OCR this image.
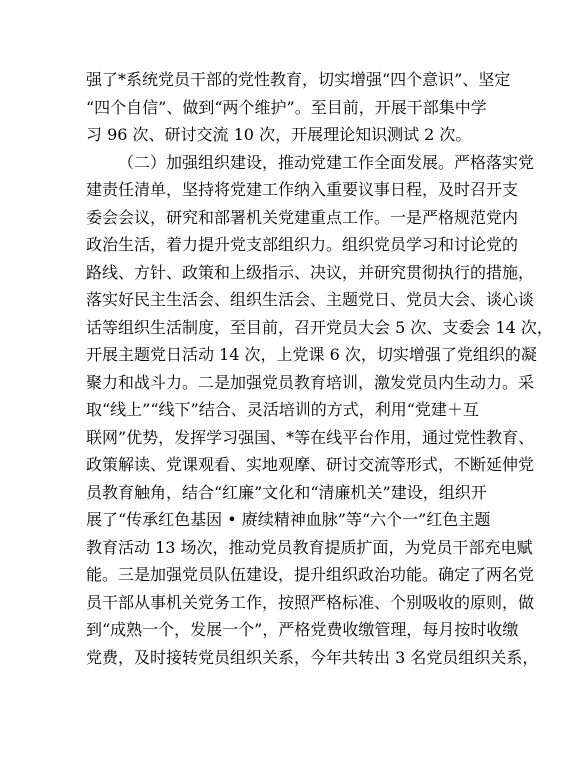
强了*系统党员干部的党性教育，切实增强“四个意识”、坚定
“四个自信”、做到“两个维护”。至目前，开展干部集中学
习 96 次、研讨交流 10 次，开展理论知识测试 2 次。
（二）加强组织建设，推动党建工作全面发展。严格落实党
建责任清单，坚持将党建工作纳入重要议事日程，及时召开支
委会会议，研究和部署机关党建重点工作。一是严格规范党内
政治生活，着力提升党支部组织力。组织党员学习和讨论党的
路线、方针、政策和上级指示、决议，并研究贯彻执行的措施，
落实好民主生活会、组织生活会、主题党日、党员大会、谈心谈
话等组织生活制度，至目前，召开党员大会 5 次、支委会 14 次，
开展主题党日活动 14 次，上党课 6 次，切实增强了党组织的凝
聚力和战斗力。二是加强党员教育培训，激发党员内生动力。采
取“线上”“线下”结合、灵活培训的方式，利用“党建＋互
联网”优势，发挥学习强国、*等在线平台作用，通过党性教育、
政策解读、党课观看、实地观摩、研讨交流等形式，不断延伸党
员教育触角，结合“红廉”文化和“清廉机关”建设，组织开
展了“传承红色基因 • 赓续精神血脉”等“六个一”红色主题
教育活动 13 场次，推动党员教育提质扩面，为党员干部充电赋
能。三是加强党员队伍建设，提升组织政治功能。确定了两名党
员干部从事机关党务工作，按照严格标准、个别吸收的原则，做
到“成熟一个，发展一个”，严格党费收缴管理，每月按时收缴
党费，及时接转党员组织关系，今年共转出 3 名党员组织关系，
